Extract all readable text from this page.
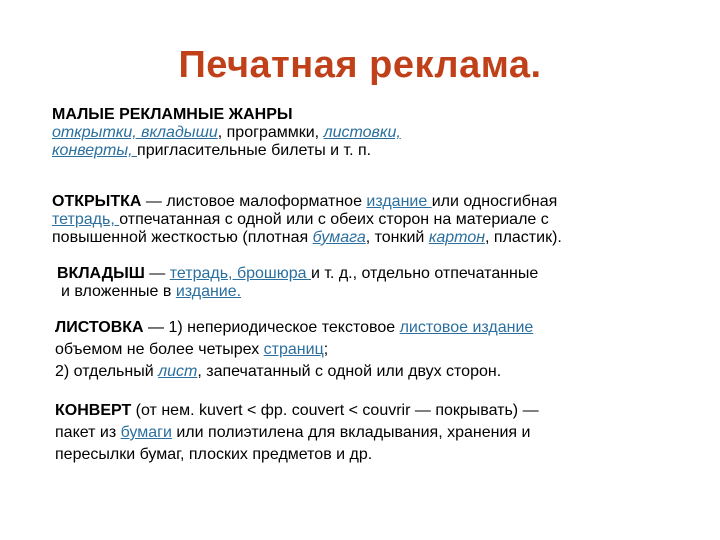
Печатная реклама.
МАЛЫЕ РЕКЛАМНЫЕ ЖАНРЫ
открытки, вкладыши, программки, листовки,
конверты, пригласительные билеты и т. п.
ОТКРЫТКА — листовое малоформатное издание или односгибная
тетрадь, отпечатанная с одной или с обеих сторон на материале с
повышенной жесткостью (плотная бумага, тонкий картон, пластик).
ВКЛАДЫШ — тетрадь, брошюра и т. д., отдельно отпечатанные
и вложенные в издание.
ЛИСТОВКА — 1) непериодическое текстовое листовое издание
объемом не более четырех страниц;
2) отдельный лист, запечатанный с одной или двух сторон.
КОНВЕРТ (от нем. kuvert < фр. couvert < couvrir — покрывать) —
пакет из бумаги или полиэтилена для вкладывания, хранения и
пересылки бумаг, плоских предметов и др.
